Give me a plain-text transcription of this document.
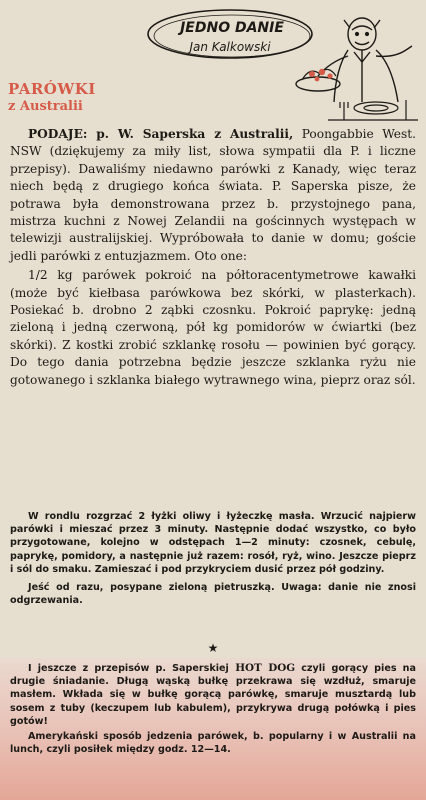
PARÓWKI
z Australii
JEDNO DANIE
Jan Kalkowski

PODAJE: p. W. Saperska z Australii, Poongabbie West. NSW (dziękujemy za miły list, słowa sympatii dla P. i liczne przepisy). Dawaliśmy niedawno parówki z Kanady, więc teraz niech będą z drugiego końca świata. P. Saperska pisze, że potrawa była demonstrowana przez b. przystojnego pana, mistrza kuchni z Nowej Zelandii na gościnnych występach w telewizji australijskiej. Wypróbowała to danie w domu; goście jedli parówki z entuzjazmem. Oto one:

1/2 kg parówek pokroić na półtoracentymetrowe kawałki (może być kiełbasa parówkowa bez skórki, w plasterkach). Posiekać b. drobno 2 ząbki czosnku. Pokroić paprykę: jedną zieloną i jedną czerwoną, pół kg pomidorów w ćwiartki (bez skórki). Z kostki zrobić szklankę rosołu — powinien być gorący. Do tego dania potrzebna będzie jeszcze szklanka ryżu nie gotowanego i szklanka białego wytrawnego wina, pieprz oraz sól.

W rondlu rozgrzać 2 łyżki oliwy i łyżeczkę masła. Wrzucić najpierw parówki i mieszać przez 3 minuty. Następnie dodać wszystko, co było przygotowane, kolejno w odstępach 1—2 minuty: czosnek, cebulę, paprykę, pomidory, a następnie już razem: rosół, ryż, wino. Jeszcze pieprz i sól do smaku. Zamieszać i pod przykryciem dusić przez pół godziny.

Jeść od razu, posypane zieloną pietruszką. Uwaga: danie nie znosi odgrzewania.

★

I jeszcze z przepisów p. Saperskiej HOT DOG czyli gorący pies na drugie śniadanie. Długą wąską bułkę przekrawa się wzdłuż, smaruje masłem. Wkłada się w bułkę gorącą parówkę, smaruje musztardą lub sosem z tuby (keczupem lub kabulem), przykrywa drugą połówką i pies gotów!

Amerykański sposób jedzenia parówek, b. popularny i w Australii na lunch, czyli posiłek między godz. 12—14.
